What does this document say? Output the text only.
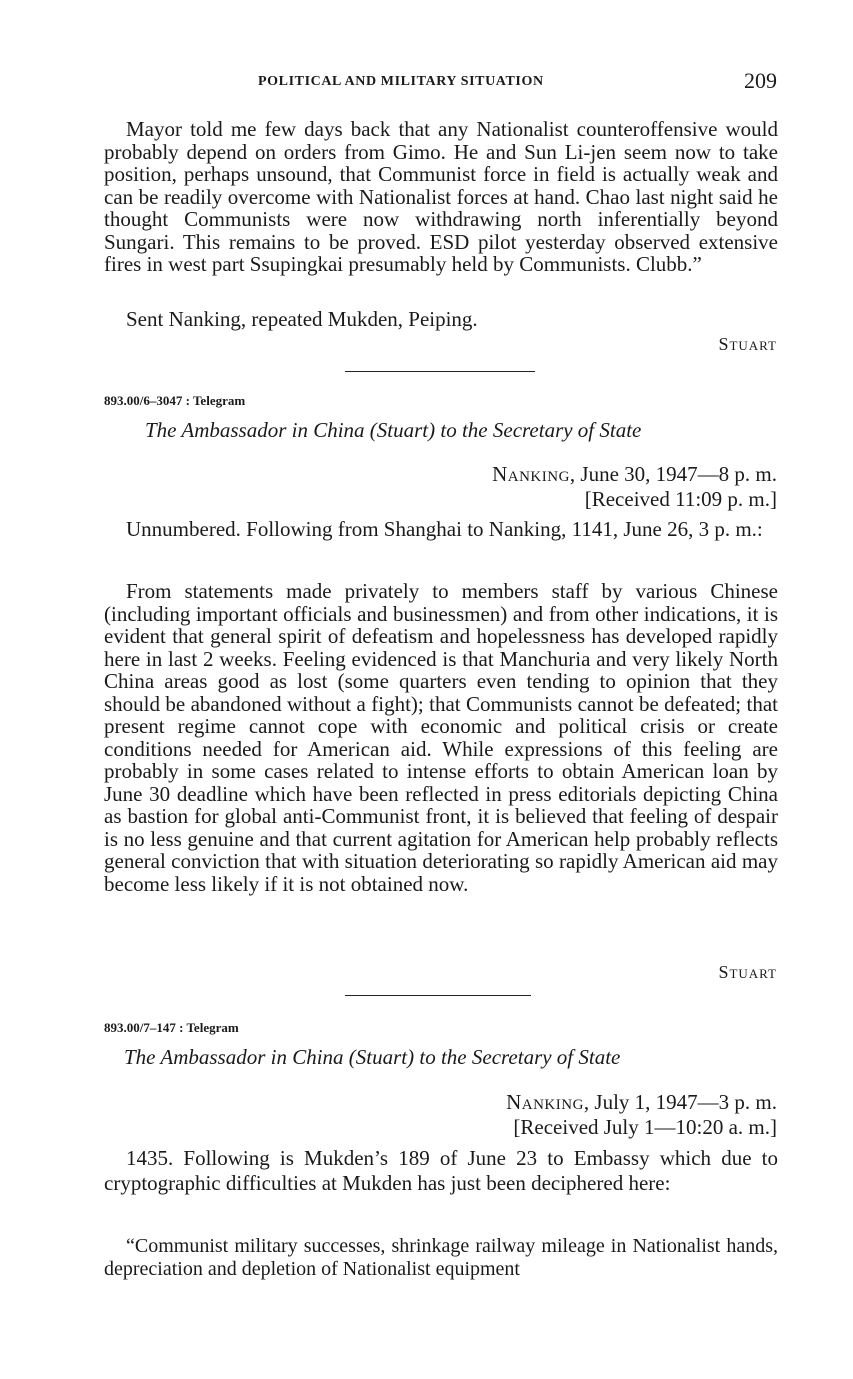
POLITICAL AND MILITARY SITUATION	209
Mayor told me few days back that any Nationalist counteroffensive would probably depend on orders from Gimo. He and Sun Li-jen seem now to take position, perhaps unsound, that Communist force in field is actually weak and can be readily overcome with Nationalist forces at hand. Chao last night said he thought Communists were now withdrawing north inferentially beyond Sungari. This remains to be proved. ESD pilot yesterday observed extensive fires in west part Ssupingkai presumably held by Communists. Clubb.”
Sent Nanking, repeated Mukden, Peiping.
Stuart
893.00/6–3047 : Telegram
The Ambassador in China (Stuart) to the Secretary of State
Nanking, June 30, 1947—8 p. m.
[Received 11:09 p. m.]
Unnumbered. Following from Shanghai to Nanking, 1141, June 26, 3 p. m.:
From statements made privately to members staff by various Chinese (including important officials and businessmen) and from other indications, it is evident that general spirit of defeatism and hopelessness has developed rapidly here in last 2 weeks. Feeling evidenced is that Manchuria and very likely North China areas good as lost (some quarters even tending to opinion that they should be abandoned without a fight); that Communists cannot be defeated; that present regime cannot cope with economic and political crisis or create conditions needed for American aid. While expressions of this feeling are probably in some cases related to intense efforts to obtain American loan by June 30 deadline which have been reflected in press editorials depicting China as bastion for global anti-Communist front, it is believed that feeling of despair is no less genuine and that current agitation for American help probably reflects general conviction that with situation deteriorating so rapidly American aid may become less likely if it is not obtained now.
Stuart
893.00/7–147 : Telegram
The Ambassador in China (Stuart) to the Secretary of State
Nanking, July 1, 1947—3 p. m.
[Received July 1—10:20 a. m.]
1435. Following is Mukden’s 189 of June 23 to Embassy which due to cryptographic difficulties at Mukden has just been deciphered here:
“Communist military successes, shrinkage railway mileage in Nationalist hands, depreciation and depletion of Nationalist equipment
